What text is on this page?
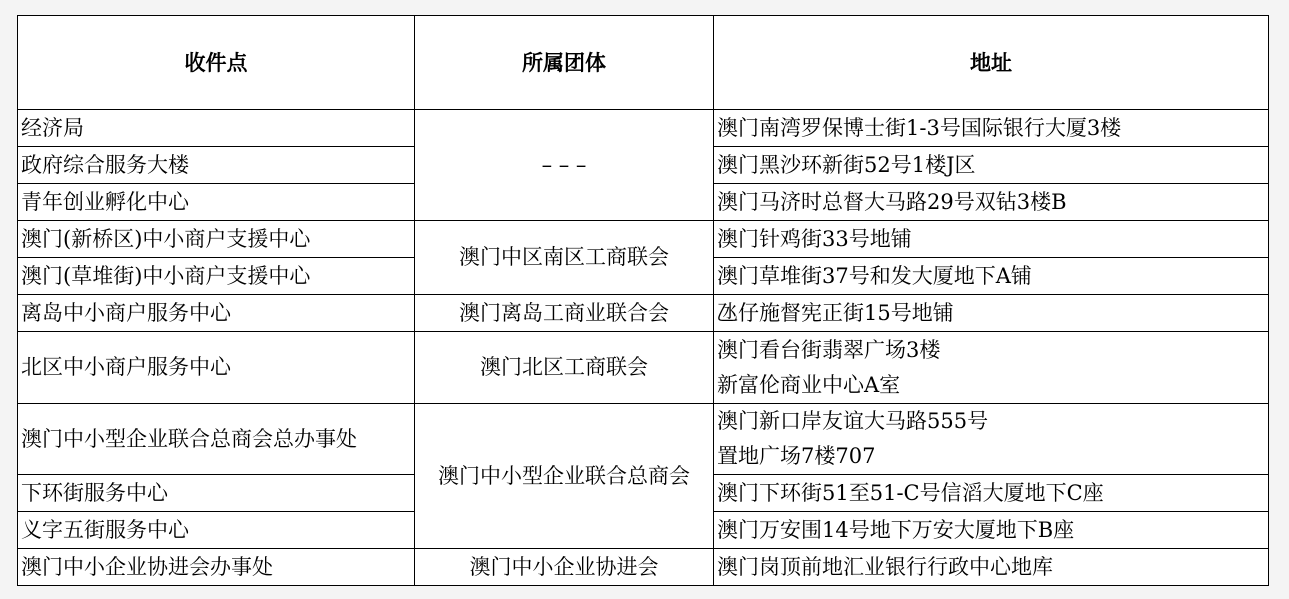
收件点	所属团体	地址
经济局	– – –	澳门南湾罗保博士街1-3号国际银行大厦3楼

政府综合服务大楼		澳门黑沙环新街52号1楼J区

青年创业孵化中心		澳门马济时总督大马路29号双钻3楼B

澳门(新桥区)中小商户支援中心	澳门中区南区工商联会	澳门针鸡街33号地铺

澳门(草堆街)中小商户支援中心		澳门草堆街37号和发大厦地下A铺

离岛中小商户服务中心	澳门离岛工商业联合会	氹仔施督宪正街15号地铺

北区中小商户服务中心	澳门北区工商联会	澳门看台街翡翠广场3楼
新富伦商业中心A室

澳门中小型企业联合总商会总办事处	澳门中小型企业联合总商会	澳门新口岸友谊大马路555号
置地广场7楼707

下环街服务中心		澳门下环街51至51-C号信滔大厦地下C座

义字五街服务中心		澳门万安围14号地下万安大厦地下B座

澳门中小企业协进会办事处	澳门中小企业协进会	澳门岗顶前地汇业银行行政中心地库
